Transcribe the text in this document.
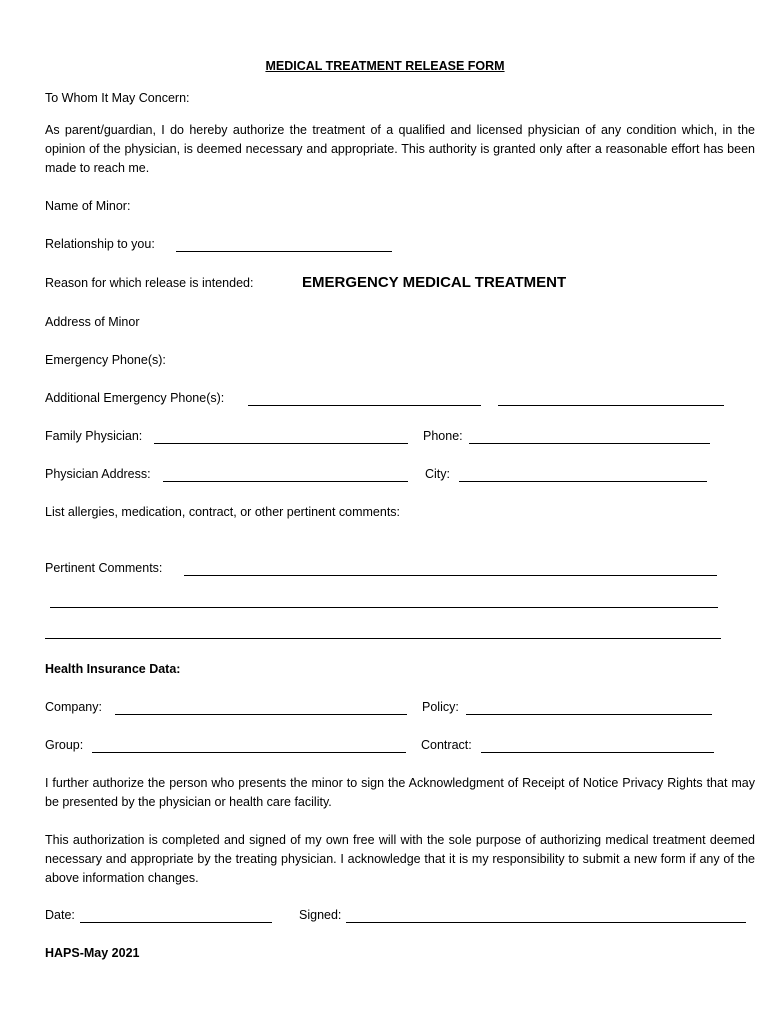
MEDICAL TREATMENT RELEASE FORM
To Whom It May Concern:
As parent/guardian, I do hereby authorize the treatment of a qualified and licensed physician of any condition which, in the opinion of the physician, is deemed necessary and appropriate. This authority is granted only after a reasonable effort has been made to reach me.
Name of Minor:
Relationship to you:
Reason for which release is intended:	EMERGENCY MEDICAL TREATMENT
Address of Minor
Emergency Phone(s):
Additional Emergency Phone(s):
Family Physician:	Phone:
Physician Address:	City:
List allergies, medication, contract, or other pertinent comments:
Pertinent Comments:
Health Insurance Data:
Company:	Policy:
Group:	Contract:
I further authorize the person who presents the minor to sign the Acknowledgment of Receipt of Notice Privacy Rights that may be presented by the physician or health care facility.
This authorization is completed and signed of my own free will with the sole purpose of authorizing medical treatment deemed necessary and appropriate by the treating physician. I acknowledge that it is my responsibility to submit a new form if any of the above information changes.
Date:	Signed:
HAPS-May 2021
